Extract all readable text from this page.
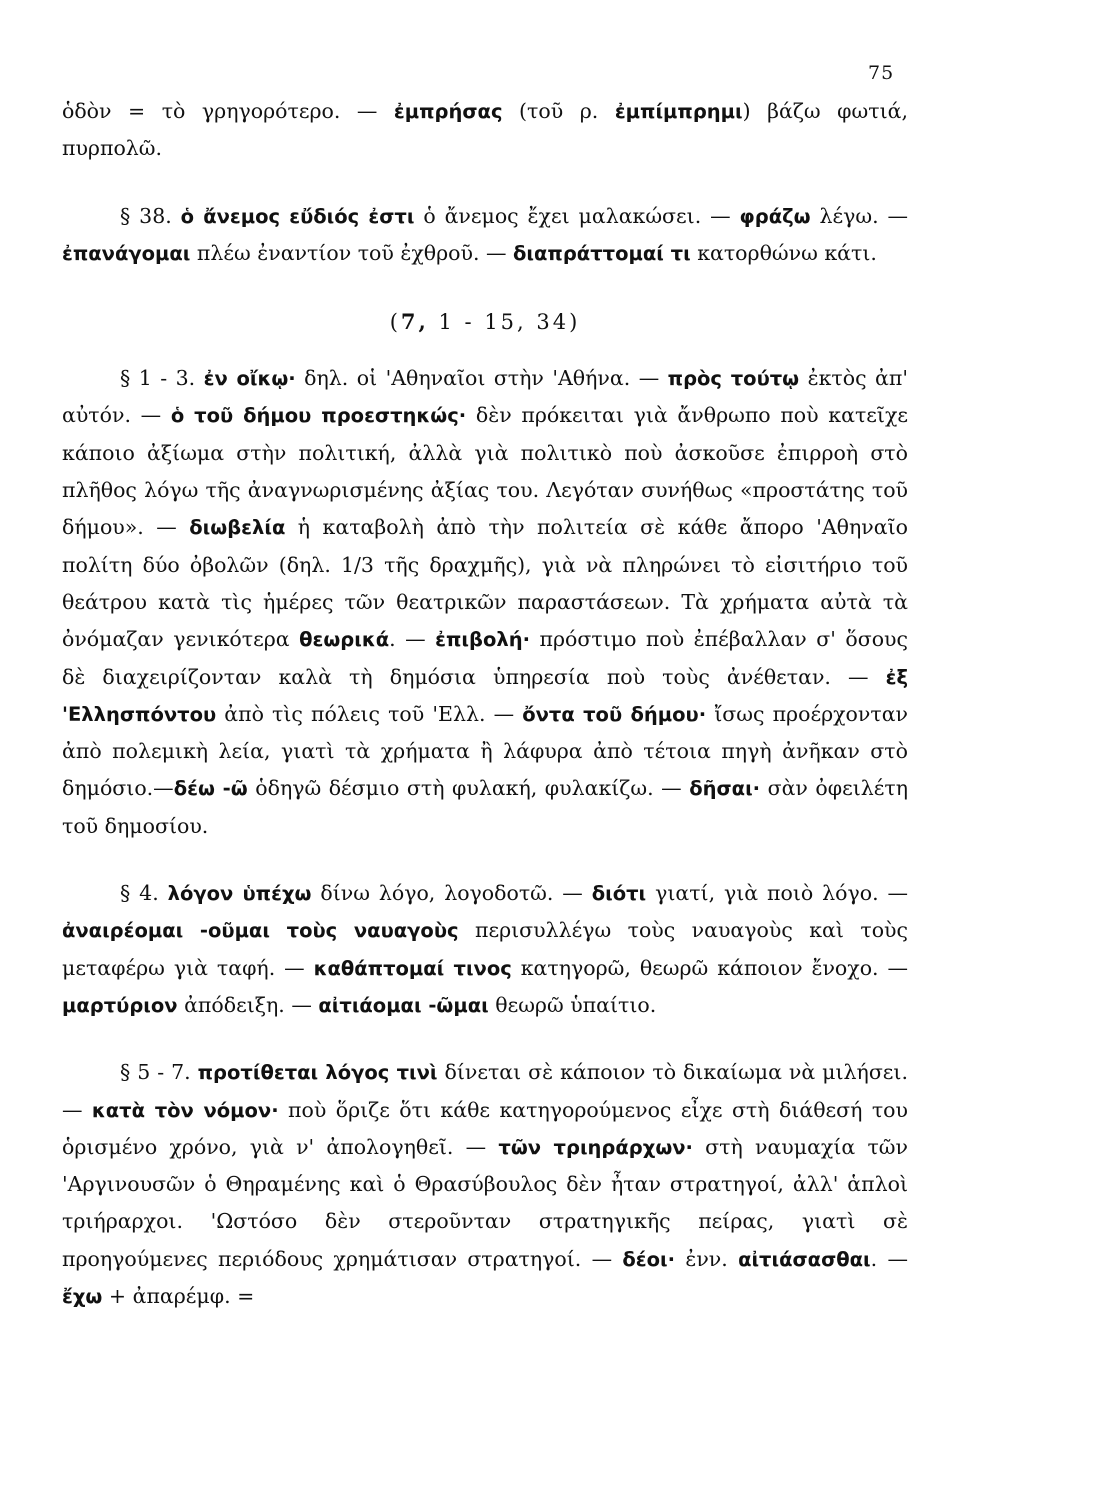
75

ὁδὸν = τὸ γρηγορότερο. — ἐμπρήσας (τοῦ ρ. ἐμπίμπρημι) βάζω φωτιά, πυρπολῶ.

§ 38. ὁ ἄνεμος εὔδιός ἐστι ὁ ἄνεμος ἔχει μαλακώσει. — φράζω λέγω. — ἐπανάγομαι πλέω ἐναντίον τοῦ ἐχθροῦ. — διαπράττομαί τι κατορθώνω κάτι.

(7, 1 - 15, 34)

§ 1 - 3. ἐν οἴκῳ· δηλ. οἱ 'Αθηναῖοι στὴν 'Αθήνα. — πρὸς τούτῳ ἐκτὸς ἀπ' αὐτόν. — ὁ τοῦ δήμου προεστηκώς· δὲν πρόκειται γιὰ ἄνθρωπο ποὺ κατεῖχε κάποιο ἀξίωμα στὴν πολιτική, ἀλλὰ γιὰ πολιτικὸ ποὺ ἀσκοῦσε ἐπιρροὴ στὸ πλῆθος λόγω τῆς ἀναγνωρισμένης ἀξίας του. Λεγόταν συνήθως «προστάτης τοῦ δήμου». — διωβελία ἡ καταβολὴ ἀπὸ τὴν πολιτεία σὲ κάθε ἄπορο 'Αθηναῖο πολίτη δύο ὀβολῶν (δηλ. 1/3 τῆς δραχμῆς), γιὰ νὰ πληρώνει τὸ εἰσιτήριο τοῦ θεάτρου κατὰ τὶς ἡμέρες τῶν θεατρικῶν παραστάσεων. Τὰ χρήματα αὐτὰ τὰ ὀνόμαζαν γενικότερα θεωρικά. — ἐπιβολή· πρόστιμο ποὺ ἐπέβαλλαν σ' ὅσους δὲ διαχειρίζονταν καλὰ τὴ δημόσια ὑπηρεσία ποὺ τοὺς ἀνέθεταν. — ἐξ 'Ελλησπόντου ἀπὸ τὶς πόλεις τοῦ 'Ελλ. — ὄντα τοῦ δήμου· ἴσως προέρχονταν ἀπὸ πολεμικὴ λεία, γιατὶ τὰ χρήματα ἢ λάφυρα ἀπὸ τέτοια πηγὴ ἀνῆκαν στὸ δημόσιο.—δέω -ῶ ὁδηγῶ δέσμιο στὴ φυλακή, φυλακίζω. — δῆσαι· σὰν ὀφειλέτη τοῦ δημοσίου.

§ 4. λόγον ὑπέχω δίνω λόγο, λογοδοτῶ. — διότι γιατί, γιὰ ποιὸ λόγο. — ἀναιρέομαι -οῦμαι τοὺς ναυαγοὺς περισυλλέγω τοὺς ναυαγοὺς καὶ τοὺς μεταφέρω γιὰ ταφή. — καθάπτομαί τινος κατηγορῶ, θεωρῶ κάποιον ἔνοχο. — μαρτύριον ἀπόδειξη. — αἰτιάομαι -ῶμαι θεωρῶ ὑπαίτιο.

§ 5 - 7. προτίθεται λόγος τινὶ δίνεται σὲ κάποιον τὸ δικαίωμα νὰ μιλήσει. — κατὰ τὸν νόμον· ποὺ ὅριζε ὅτι κάθε κατηγορούμενος εἶχε στὴ διάθεσή του ὁρισμένο χρόνο, γιὰ ν' ἀπολογηθεῖ. — τῶν τριηράρχων· στὴ ναυμαχία τῶν 'Αργινουσῶν ὁ Θηραμένης καὶ ὁ Θρασύβουλος δὲν ἦταν στρατηγοί, ἀλλ' ἁπλοὶ τριήραρχοι. 'Ωστόσο δὲν στεροῦνταν στρατηγικῆς πείρας, γιατὶ σὲ προηγούμενες περιόδους χρημάτισαν στρατηγοί. — δέοι· ἐνν. αἰτιάσασθαι. — ἔχω + ἀπαρέμφ. =
